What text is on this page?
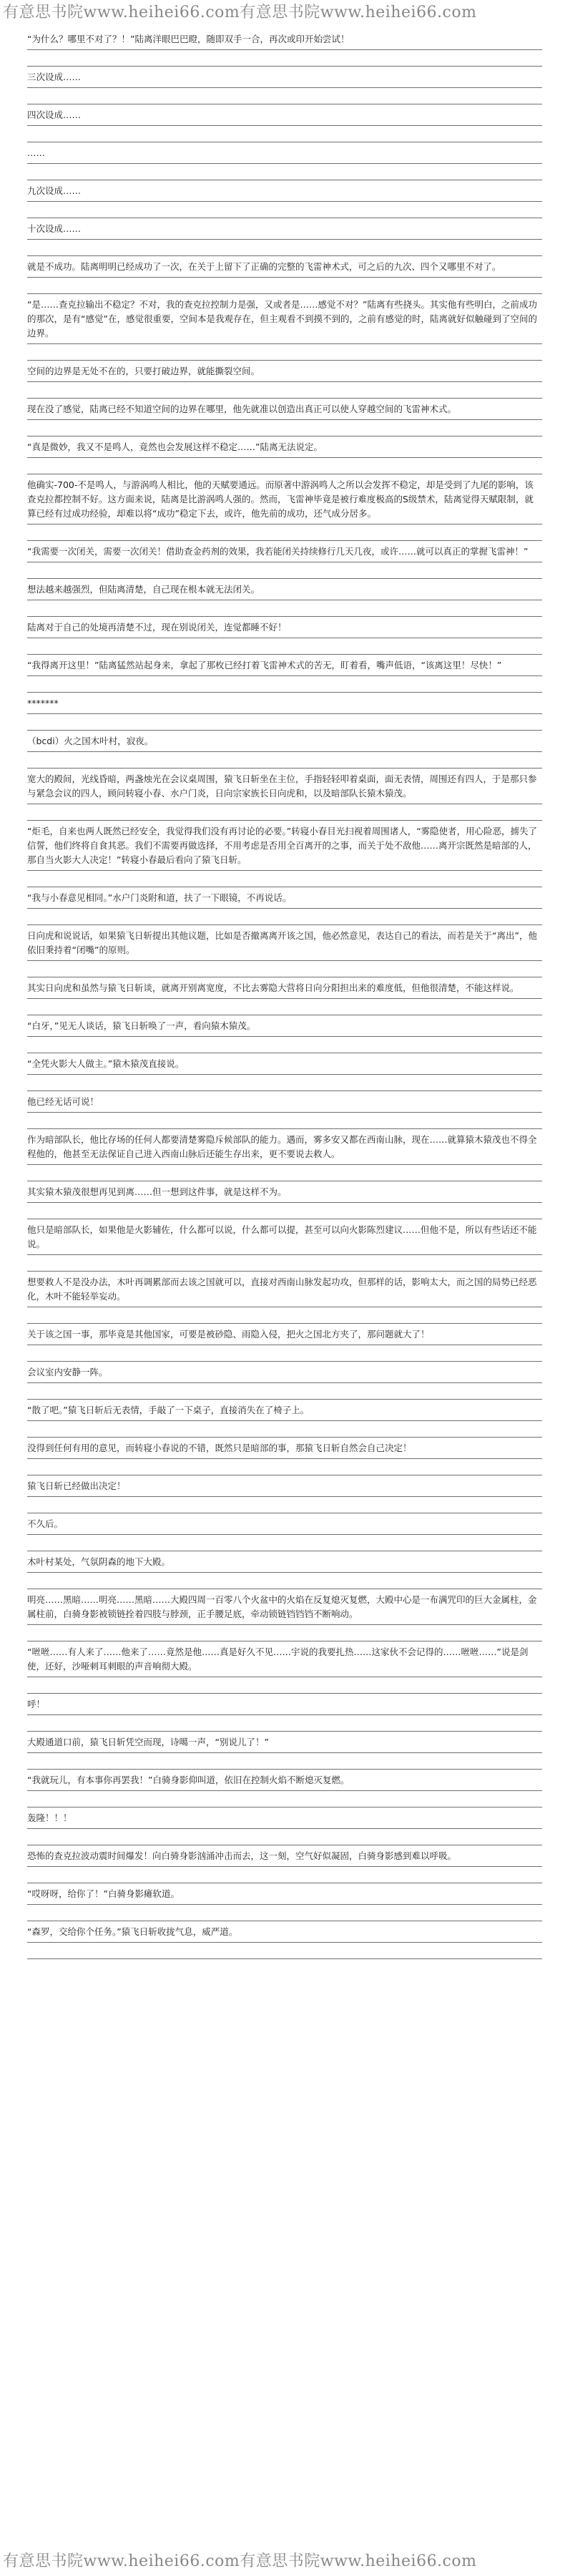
有意思书院www.heihei66.com有意思书院www.heihei66.com
“为什么？哪里不对了？！”陆离洋眼巴巴瞪，随即双手一合，再次或印开始尝试！
三次设成……
四次设成……
……
九次设成……
十次设成……
就是不成功。陆离明明已经成功了一次，在关于上留下了正确的完整的飞雷神术式，可之后的九次、四个又哪里不对了。
“是……查克拉输出不稳定？不对，我的查克拉控制力是强，又或者是……感觉不对？”陆离有些挠头。其实他有些明白，之前成功的那次，是有“感觉”在，感觉很重要，空间本是我观存在，但主观看不到摸不到的，之前有感觉的时，陆离就好似触碰到了空间的边界。
空间的边界是无处不在的，只要打破边界，就能撕裂空间。
现在没了感觉，陆离已经不知道空间的边界在哪里，他先就准以创造出真正可以使人穿越空间的飞雷神术式。
“真是微妙，我又不是鸣人，竟然也会发展这样不稳定……”陆离无法说定。
他确实-700-不是鸣人，与游涡鸣人相比，他的天赋要通远。而原著中游涡鸣人之所以会发挥不稳定，却是受到了九尾的影响，该查克拉都控制不好。这方面来说，陆离是比游涡鸣人强的。然而，飞雷神毕竟是被行难度极高的S级禁术，陆离觉得天赋限制，就算已经有过成功经验，却难以将“成功”稳定下去，或许，他先前的成功，还气成分居多。
“我需要一次闭关，需要一次闭关！借助查金药剂的效果，我若能闭关持续修行几天几夜，或许……就可以真正的掌握飞雷神！”
想法越来越强烈，但陆离清楚，自己现在根本就无法闭关。
陆离对于自己的处境再清楚不过，现在别说闭关，连觉都睡不好！
“我得离开这里！”陆离猛然站起身来，拿起了那枚已经打着飞雷神术式的苦无，盯着看，嘴声低语，“该离这里！尽快！”
*******
（bcdi）火之国木叶村，寂夜。
宽大的殿间，光线昏暗，两盏烛光在会议桌周围，猿飞日斩坐在主位，手指轻轻叩着桌面，面无表情，周围还有四人，于是那只参与紧急会议的四人，顾问转寝小春、水户门炎，日向宗家族长日向虎和，以及暗部队长猿木猿茂。
“炬毛，自来也两人既然已经安全，我觉得我们没有再讨论的必要。”转寝小春目光扫视着周围诸人，“雾隐使者，用心险恶，掳失了信誓，他们终将自食其恶。我们不需要再做选择，不用考虑是否用全百离开的之事，而关于处不敌他……离开宗既然是暗部的人，那自当火影大人决定！”转寝小春最后看向了猿飞日斩。
“我与小春意见相同。”水户门炎附和道，扶了一下眼镜，不再说话。
日向虎和说说话，如果猿飞日斩提出其他议题，比如是否撤离离开该之国，他必然意见，表达自己的看法，而若是关于“离出”，他依旧秉持着“闭嘴”的原则。
其实日向虎和虽然与猿飞日斩谈，就离开别离宽度，不比去雾隐大营将日向分阳担出来的难度低，但他很清楚，不能这样说。
“白牙，”见无人谈话，猿飞日斩唤了一声，看向猿木猿茂。
“全凭火影大人做主。”猿木猿茂直接说。
他已经无话可说！
作为暗部队长，他比存场的任何人都要清楚雾隐斥候部队的能力。遇而，雾多安又都在西南山脉，现在……就算猿木猿茂也不得全程他的，他甚至无法保证自己进入西南山脉后还能生存出来，更不要说去救人。
其实猿木猿茂很想再见到离……但一想到这件事，就是这样不为。
他只是暗部队长，如果他是火影辅佐，什么都可以说，什么都可以提，甚至可以向火影陈烈建议……但他不是，所以有些话还不能说。
想要救人不是没办法，木叶再调累部而去该之国就可以，直接对西南山脉发起功攻，但那样的话，影响太大，而之国的局势已经恶化，木叶不能轻举妄动。
关于该之国一事，那毕竟是其他国家，可要是被砂隐、雨隐入侵，把火之国北方夹了，那问题就大了！
会议室内安静一阵。
“散了吧。”猿飞日斩后无表情，手敲了一下桌子，直接消失在了椅子上。
没得到任何有用的意见，而转寝小春说的不错，既然只是暗部的事，那猿飞日斩自然会自己决定！
猿飞日斩已经做出决定！
不久后。
木叶村某处，气氛阴森的地下大殿。
明亮……黑暗……明亮……黑暗……大殿四周一百零八个火盆中的火焰在反复熄灭复燃，大殿中心是一布满咒印的巨大金属柱，金属柱前，白骑身影被锁链拴着四肢与脖颈，正手腰足底，牵动锁链铛铛铛不断响动。
“咝咝……有人来了……他来了……竟然是他……真是好久不见……宇说的我要扎热……这家伙不会记得的……咝咝……”说是剑使，还好，沙哑刺耳刺眼的声音响彻大殿。
呼！
大殿通道口前，猿飞日斩凭空而现，诗噶一声，“别说儿了！”
“我就玩儿，有本事你再罢我！”白骑身影仰叫道，依旧在控制火焰不断熄灭复燃。
轰隆！！！
恐怖的查克拉波动震时间爆发！向白骑身影汹涌冲击而去，这一刻，空气好似凝固，白骑身影感到难以呼吸。
“哎呀呀，给你了！”白骑身影瘫软道。
“森罗，交给你个任务。”猿飞日斩收拢气息，威严道。
有意思书院www.heihei66.com有意思书院www.heihei66.com
